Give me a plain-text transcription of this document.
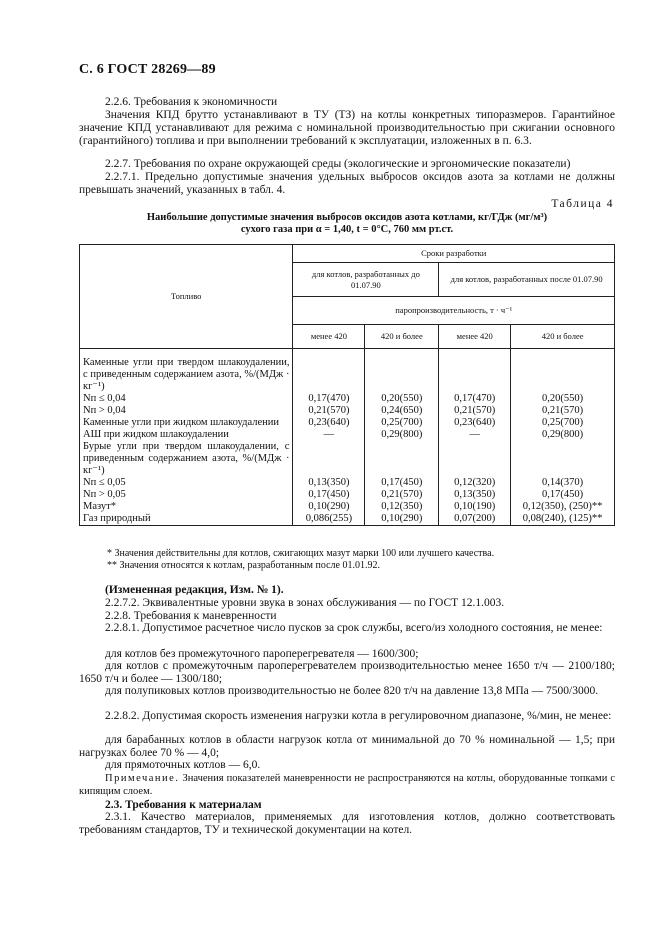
С. 6 ГОСТ 28269—89
2.2.6. Требования к экономичности
Значения КПД брутто устанавливают в ТУ (ТЗ) на котлы конкретных типоразмеров. Гарантийное значение КПД устанавливают для режима с номинальной производительностью при сжигании основного (гарантийного) топлива и при выполнении требований к эксплуатации, изложенных в п. 6.3.
2.2.7. Требования по охране окружающей среды (экологические и эргономические показатели)
2.2.7.1. Предельно допустимые значения удельных выбросов оксидов азота за котлами не должны превышать значений, указанных в табл. 4.
Таблица 4
Наибольшие допустимые значения выбросов оксидов азота котлами, кг/ГДж (мг/м³)
сухого газа при α = 1,40, t = 0°C, 760 мм рт.ст.
Топливо	Сроки разработки			
	для котлов, разработанных до 01.07.90		для котлов, разработанных после 01.07.90	
	паропроизводительность, т · ч⁻¹			
	менее 420	420 и более	менее 420	420 и более
Каменные угли при твердом шлакоудалении, с приведенным содержанием азота, %/(МДж · кг⁻¹)				
Nп ≤ 0,04	0,17(470)	0,20(550)	0,17(470)	0,20(550)
Nп > 0,04	0,21(570)	0,24(650)	0,21(570)	0,21(570)
Каменные угли при жидком шлакоудалении	0,23(640)	0,25(700)	0,23(640)	0,25(700)
АШ при жидком шлакоудалении	—	0,29(800)	—	0,29(800)
Бурые угли при твердом шлакоудалении, с приведенным содержанием азота, %/(МДж · кг⁻¹)				
Nп ≤ 0,05	0,13(350)	0,17(450)	0,12(320)	0,14(370)
Nп > 0,05	0,17(450)	0,21(570)	0,13(350)	0,17(450)
Мазут*	0,10(290)	0,12(350)	0,10(190)	0,12(350), (250)**
Газ природный	0,086(255)	0,10(290)	0,07(200)	0,08(240), (125)**
* Значения действительны для котлов, сжигающих мазут марки 100 или лучшего качества.
** Значения относятся к котлам, разработанным после 01.01.92.
(Измененная редакция, Изм. № 1).
2.2.7.2. Эквивалентные уровни звука в зонах обслуживания — по ГОСТ 12.1.003.
2.2.8. Требования к маневренности
2.2.8.1. Допустимое расчетное число пусков за срок службы, всего/из холодного состояния, не менее:
для котлов без промежуточного пароперегревателя — 1600/300;
для котлов с промежуточным пароперегревателем производительностью менее 1650 т/ч — 2100/180; 1650 т/ч и более — 1300/180;
для полупиковых котлов производительностью не более 820 т/ч на давление 13,8 МПа — 7500/3000.
2.2.8.2. Допустимая скорость изменения нагрузки котла в регулировочном диапазоне, %/мин, не менее:
для барабанных котлов в области нагрузок котла от минимальной до 70 % номинальной — 1,5; при нагрузках более 70 % — 4,0;
для прямоточных котлов — 6,0.
Примечание. Значения показателей маневренности не распространяются на котлы, оборудованные топками с кипящим слоем.
2.3. Требования к материалам
2.3.1. Качество материалов, применяемых для изготовления котлов, должно соответствовать требованиям стандартов, ТУ и технической документации на котел.
